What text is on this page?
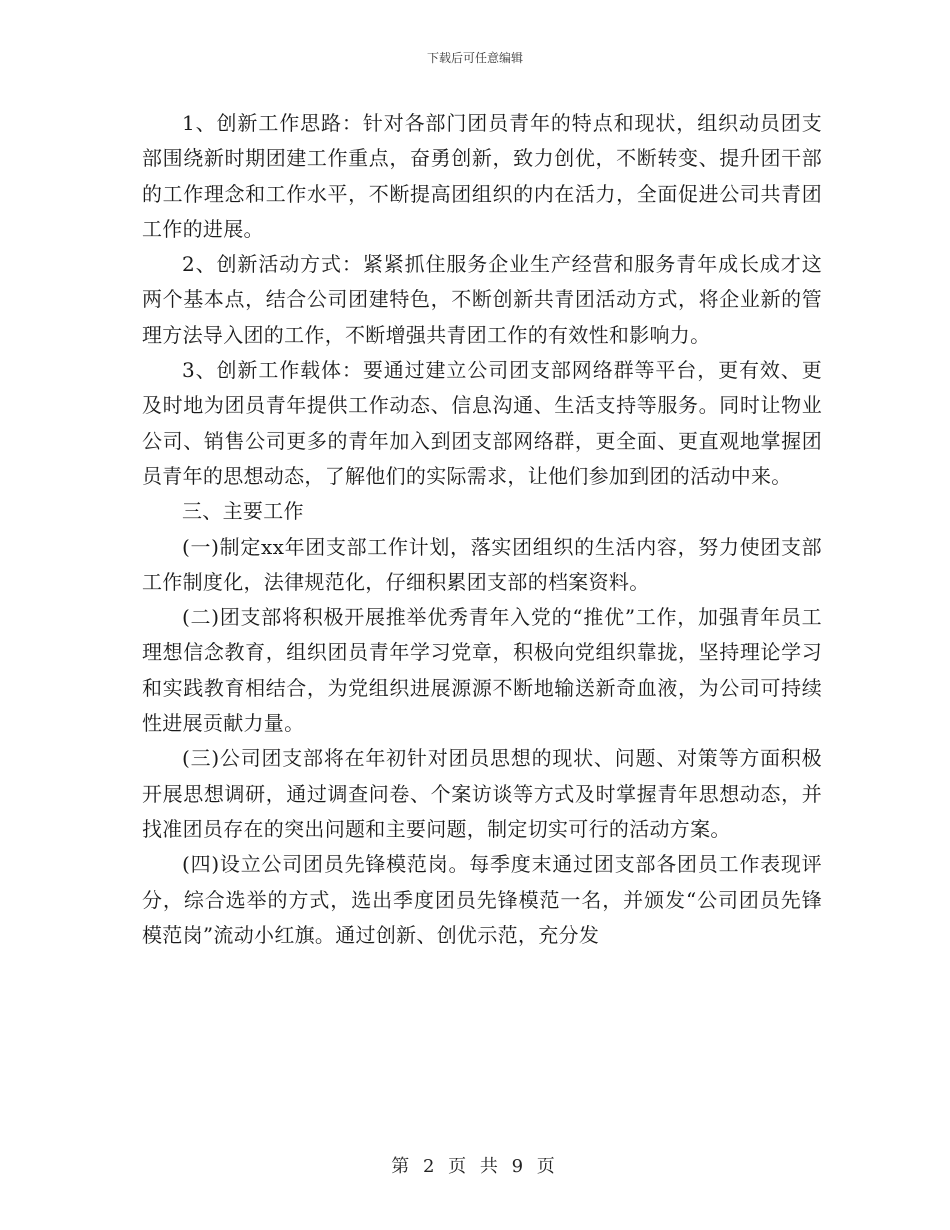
下载后可任意编辑

1、创新工作思路：针对各部门团员青年的特点和现状，组织动员团支部围绕新时期团建工作重点，奋勇创新，致力创优，不断转变、提升团干部的工作理念和工作水平，不断提高团组织的内在活力，全面促进公司共青团工作的进展。

2、创新活动方式：紧紧抓住服务企业生产经营和服务青年成长成才这两个基本点，结合公司团建特色，不断创新共青团活动方式，将企业新的管理方法导入团的工作，不断增强共青团工作的有效性和影响力。

3、创新工作载体：要通过建立公司团支部网络群等平台，更有效、更及时地为团员青年提供工作动态、信息沟通、生活支持等服务。同时让物业公司、销售公司更多的青年加入到团支部网络群，更全面、更直观地掌握团员青年的思想动态，了解他们的实际需求，让他们参加到团的活动中来。

三、主要工作

(一)制定xx年团支部工作计划，落实团组织的生活内容，努力使团支部工作制度化，法律规范化，仔细积累团支部的档案资料。

(二)团支部将积极开展推举优秀青年入党的“推优”工作，加强青年员工理想信念教育，组织团员青年学习党章，积极向党组织靠拢，坚持理论学习和实践教育相结合，为党组织进展源源不断地输送新奇血液，为公司可持续性进展贡献力量。

(三)公司团支部将在年初针对团员思想的现状、问题、对策等方面积极开展思想调研，通过调查问卷、个案访谈等方式及时掌握青年思想动态，并找准团员存在的突出问题和主要问题，制定切实可行的活动方案。

(四)设立公司团员先锋模范岗。每季度末通过团支部各团员工作表现评分，综合选举的方式，选出季度团员先锋模范一名，并颁发“公司团员先锋模范岗”流动小红旗。通过创新、创优示范，充分发

第 2 页 共 9 页
